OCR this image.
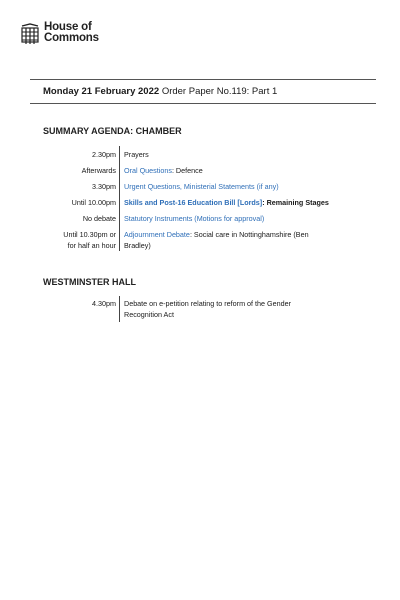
House of
Commons
Monday 21 February 2022 Order Paper No.119: Part 1
SUMMARY AGENDA: CHAMBER
2.30pm Prayers
Afterwards Oral Questions: Defence
3.30pm Urgent Questions, Ministerial Statements (if any)
Until 10.00pm Skills and Post-16 Education Bill [Lords]: Remaining Stages
No debate Statutory Instruments (Motions for approval)
Until 10.30pm or
for half an hour
Adjournment Debate: Social care in Nottinghamshire (Ben
Bradley)
WESTMINSTER HALL
4.30pm Debate on e-petition relating to reform of the Gender
Recognition Act
